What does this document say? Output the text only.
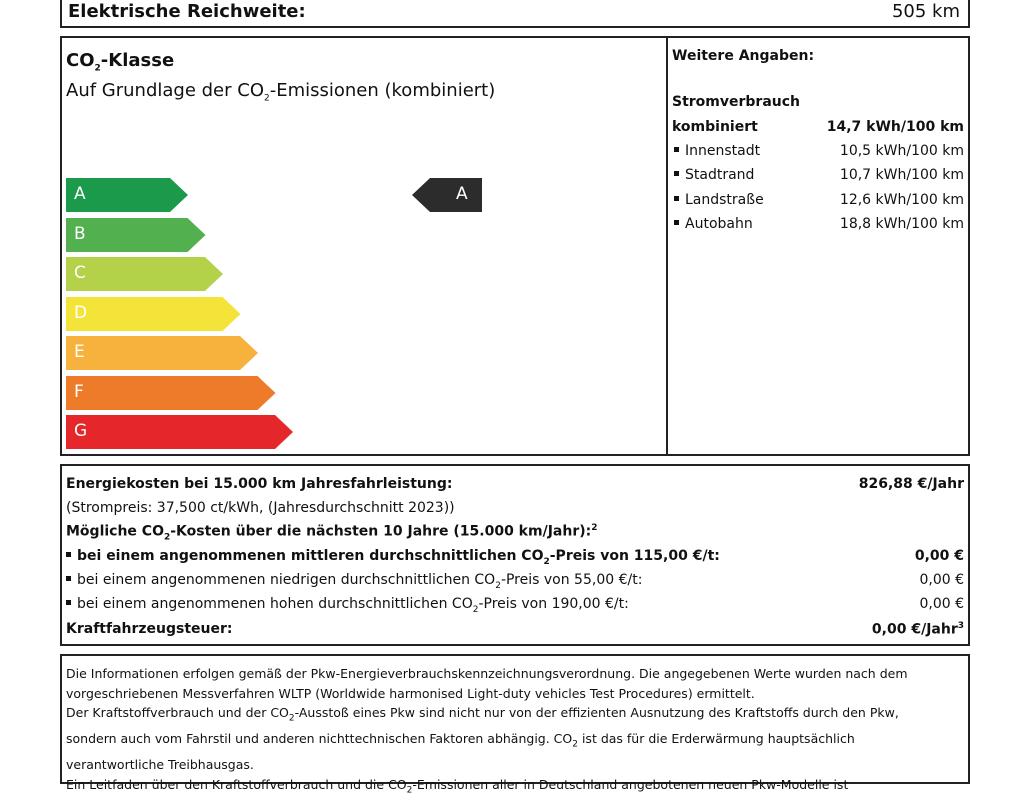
Elektrische Reichweite:	505 km
$CO_2$-Klasse
Auf Grundlage der $CO_2$-Emissionen (kombiniert)
A
B
C
D
E
F
G
A
Weitere Angaben:
Stromverbrauch
kombiniert	14,7 kWh/100 km
Innenstadt	10,5 kWh/100 km
Stadtrand	10,7 kWh/100 km
Landstraße	12,6 kWh/100 km
Autobahn	18,8 kWh/100 km
Energiekosten bei 15.000 km Jahresfahrleistung:	826,88 €/Jahr
(Strompreis: 37,500 ct/kWh, (Jahresdurchschnitt 2023))
Mögliche $CO_2$-Kosten über die nächsten 10 Jahre (15.000 km/Jahr):$^2$
bei einem angenommenen mittleren durchschnittlichen $CO_2$-Preis von 115,00 €/t:	0,00 €
bei einem angenommenen niedrigen durchschnittlichen $CO_2$-Preis von 55,00 €/t:	0,00 €
bei einem angenommenen hohen durchschnittlichen $CO_2$-Preis von 190,00 €/t:	0,00 €
Kraftfahrzeugsteuer:	0,00 €/Jahr$^3$

Die Informationen erfolgen gemäß der Pkw-Energieverbrauchskennzeichnungsverordnung. Die angegebenen Werte wurden nach dem

vorgeschriebenen Messverfahren WLTP (Worldwide harmonised Light-duty vehicles Test Procedures) ermittelt.

Der Kraftstoffverbrauch und der $CO_2$-Ausstoß eines Pkw sind nicht nur von der effizienten Ausnutzung des Kraftstoffs durch den Pkw,

sondern auch vom Fahrstil und anderen nichttechnischen Faktoren abhängig. $CO_2$ ist das für die Erderwärmung hauptsächlich

verantwortliche Treibhausgas.

Ein Leitfaden über den Kraftstoffverbrauch und die $CO_2$-Emissionen aller in Deutschland angebotenen neuen Pkw-Modelle ist
